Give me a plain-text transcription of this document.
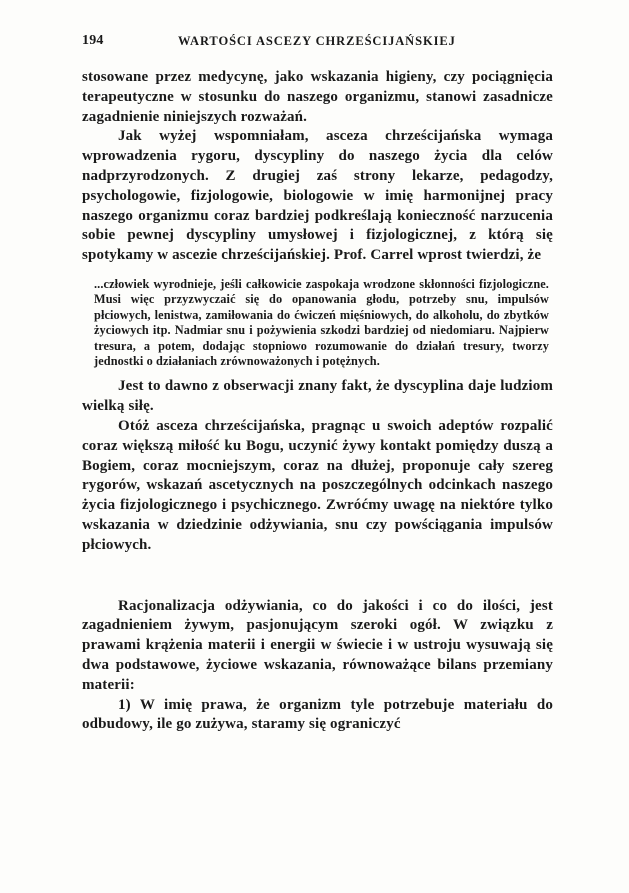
194	WARTOŚCI ASCEZY CHRZEŚCIJAŃSKIEJ

stosowane przez medycynę, jako wskazania higieny, czy pociągnięcia terapeutyczne w stosunku do naszego organizmu, stanowi zasadnicze zagadnienie niniejszych rozważań.

Jak wyżej wspomniałam, asceza chrześcijańska wymaga wprowadzenia rygoru, dyscypliny do naszego życia dla celów nadprzyrodzonych. Z drugiej zaś strony lekarze, pedagodzy, psychologowie, fizjologowie, biologowie w imię harmonijnej pracy naszego organizmu coraz bardziej podkreślają konieczność narzucenia sobie pewnej dyscypliny umysłowej i fizjologicznej, z którą się spotykamy w ascezie chrześcijańskiej. Prof. Carrel wprost twierdzi, że

...człowiek wyrodnieje, jeśli całkowicie zaspokaja wrodzone skłonności fizjologiczne. Musi więc przyzwyczaić się do opanowania głodu, potrzeby snu, impulsów płciowych, lenistwa, zamiłowania do ćwiczeń mięśniowych, do alkoholu, do zbytków życiowych itp. Nadmiar snu i pożywienia szkodzi bardziej od niedomiaru. Najpierw tresura, a potem, dodając stopniowo rozumowanie do działań tresury, tworzy jednostki o działaniach zrównoważonych i potężnych.

Jest to dawno z obserwacji znany fakt, że dyscyplina daje ludziom wielką siłę.

Otóż asceza chrześcijańska, pragnąc u swoich adeptów rozpalić coraz większą miłość ku Bogu, uczynić żywy kontakt pomiędzy duszą a Bogiem, coraz mocniejszym, coraz na dłużej, proponuje cały szereg rygorów, wskazań ascetycznych na poszczególnych odcinkach naszego życia fizjologicznego i psychicznego. Zwróćmy uwagę na niektóre tylko wskazania w dziedzinie odżywiania, snu czy powściągania impulsów płciowych.

Racjonalizacja odżywiania, co do jakości i co do ilości, jest zagadnieniem żywym, pasjonującym szeroki ogół. W związku z prawami krążenia materii i energii w świecie i w ustroju wysuwają się dwa podstawowe, życiowe wskazania, równoważące bilans przemiany materii:

1) W imię prawa, że organizm tyle potrzebuje materiału do odbudowy, ile go zużywa, staramy się ograniczyć
